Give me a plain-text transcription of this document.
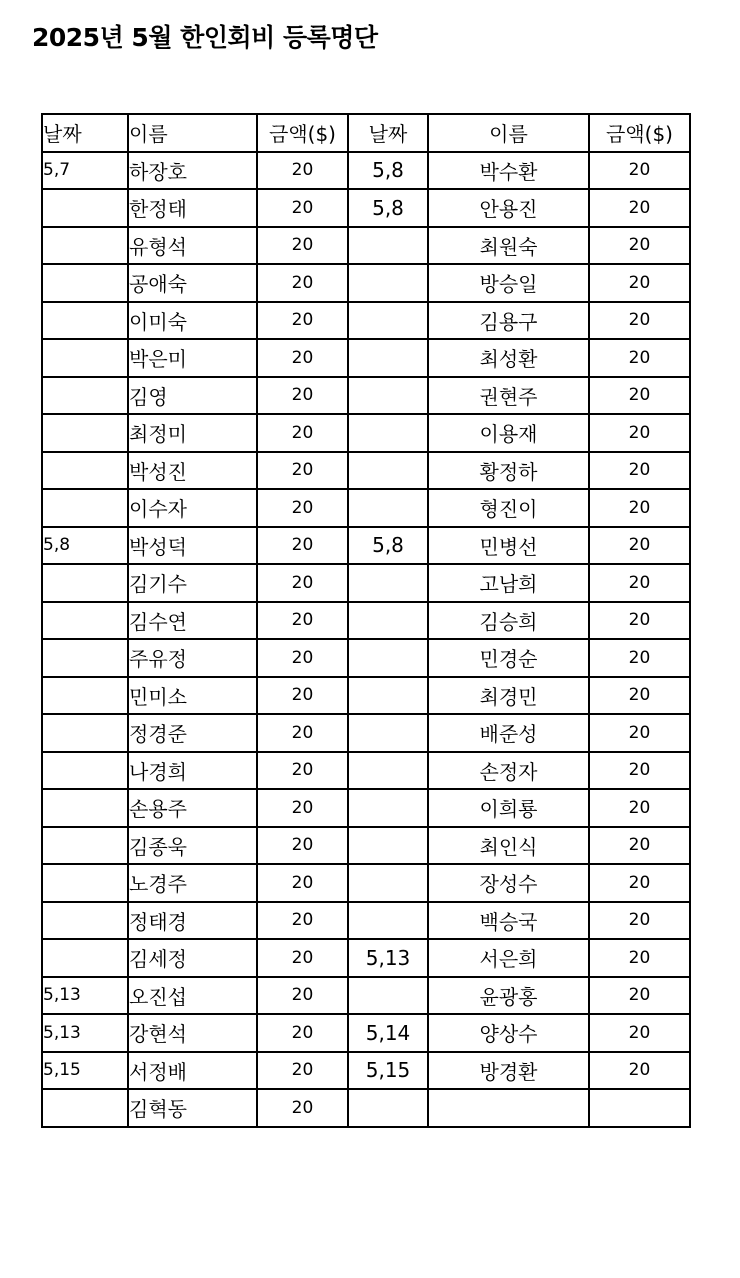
2025년 5월 한인회비 등록명단
날짜	이름	금액($)	날짜	이름	금액($)
5,7	하장호	20	5,8	박수환	20
	한정태	20	5,8	안용진	20
	유형석	20		최원숙	20
	공애숙	20		방승일	20
	이미숙	20		김용구	20
	박은미	20		최성환	20
	김영	20		권현주	20
	최정미	20		이용재	20
	박성진	20		황정하	20
	이수자	20		형진이	20
5,8	박성덕	20	5,8	민병선	20
	김기수	20		고남희	20
	김수연	20		김승희	20
	주유정	20		민경순	20
	민미소	20		최경민	20
	정경준	20		배준성	20
	나경희	20		손정자	20
	손용주	20		이희룡	20
	김종욱	20		최인식	20
	노경주	20		장성수	20
	정태경	20		백승국	20
	김세정	20	5,13	서은희	20
5,13	오진섭	20		윤광홍	20
5,13	강현석	20	5,14	양상수	20
5,15	서정배	20	5,15	방경환	20
	김혁동	20			
